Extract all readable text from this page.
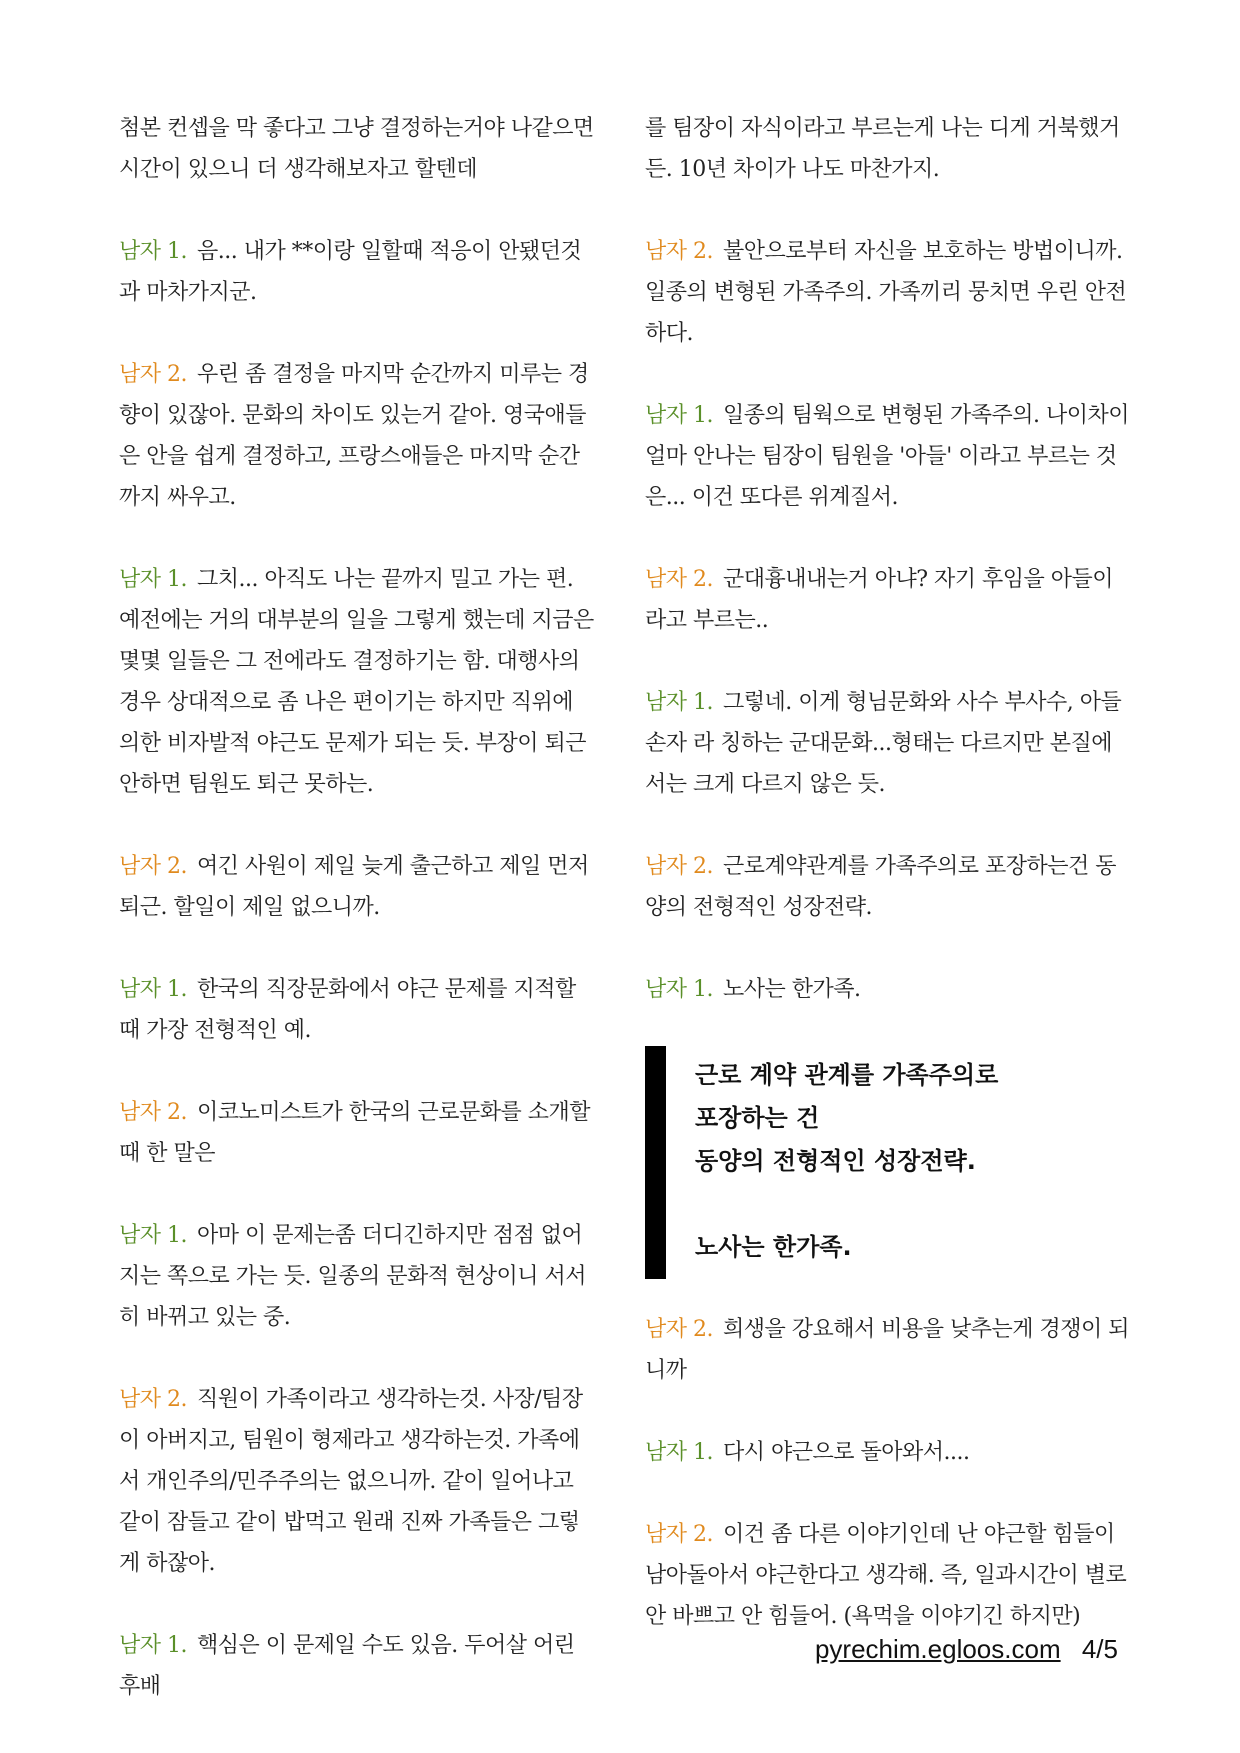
첨본 컨셉을 막 좋다고 그냥 결정하는거야 나같으면 시간이 있으니 더 생각해보자고 할텐데

남자 1. 음... 내가 **이랑 일할때 적응이 안됐던것과 마차가지군.

남자 2. 우린 좀 결정을 마지막 순간까지 미루는 경향이 있잖아. 문화의 차이도 있는거 같아. 영국애들은 안을 쉽게 결정하고, 프랑스애들은 마지막 순간까지 싸우고.

남자 1. 그치... 아직도 나는 끝까지 밀고 가는 편. 예전에는 거의 대부분의 일을 그렇게 했는데 지금은 몇몇 일들은 그 전에라도 결정하기는 함. 대행사의 경우 상대적으로 좀 나은 편이기는 하지만 직위에 의한 비자발적 야근도 문제가 되는 듯. 부장이 퇴근 안하면 팀원도 퇴근 못하는.

남자 2. 여긴 사원이 제일 늦게 출근하고 제일 먼저 퇴근. 할일이 제일 없으니까.

남자 1. 한국의 직장문화에서 야근 문제를 지적할 때 가장 전형적인 예.

남자 2. 이코노미스트가 한국의 근로문화를 소개할때 한 말은

남자 1. 아마 이 문제는좀 더디긴하지만 점점 없어지는 쪽으로 가는 듯. 일종의 문화적 현상이니 서서히 바뀌고 있는 중.

남자 2. 직원이 가족이라고 생각하는것. 사장/팀장이 아버지고, 팀원이 형제라고 생각하는것. 가족에서 개인주의/민주주의는 없으니까. 같이 일어나고 같이 잠들고 같이 밥먹고 원래 진짜 가족들은 그렇게 하잖아.

남자 1. 핵심은 이 문제일 수도 있음. 두어살 어린 후배

를 팀장이 자식이라고 부르는게 나는 디게 거북했거든. 10년 차이가 나도 마찬가지.

남자 2. 불안으로부터 자신을 보호하는 방법이니까. 일종의 변형된 가족주의. 가족끼리 뭉치면 우린 안전하다.

남자 1. 일종의 팀웍으로 변형된 가족주의. 나이차이 얼마 안나는 팀장이 팀원을 '아들' 이라고 부르는 것은... 이건 또다른 위계질서.

남자 2. 군대흉내내는거 아냐? 자기 후임을 아들이라고 부르는..

남자 1. 그렇네. 이게 형님문화와 사수 부사수, 아들 손자 라 칭하는 군대문화...형태는 다르지만 본질에서는 크게 다르지 않은 듯.

남자 2. 근로계약관계를 가족주의로 포장하는건 동양의 전형적인 성장전략.

남자 1. 노사는 한가족.

근로 계약 관계를 가족주의로
포장하는 건
동양의 전형적인 성장전략.
노사는 한가족.

남자 2. 희생을 강요해서 비용을 낮추는게 경쟁이 되니까

남자 1. 다시 야근으로 돌아와서....

남자 2. 이건 좀 다른 이야기인데 난 야근할 힘들이 남아돌아서 야근한다고 생각해. 즉, 일과시간이 별로 안 바쁘고 안 힘들어. (욕먹을 이야기긴 하지만)

pyrechim.egloos.com 4/5
